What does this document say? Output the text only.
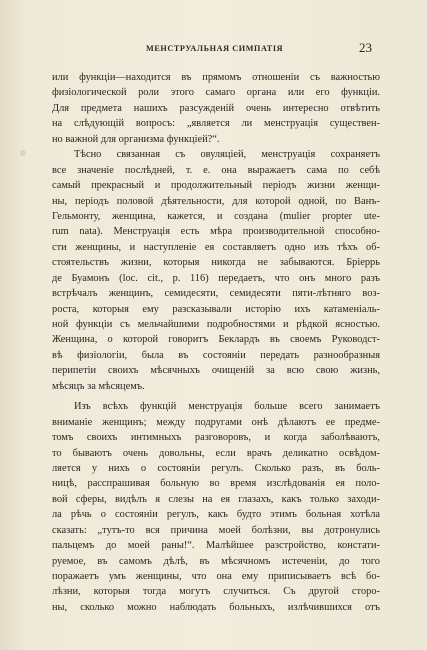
МЕНСТРУАЛЬНАЯ СИМПАТІЯ	23
или функціи—находится въ прямомъ отношеніи съ важностью
физіологической роли этого самаго органа или его функціи.
Для предмета нашихъ разсужденій очень интересно отвѣтить
на слѣдующій вопросъ: „является ли менструація существен-
но важной для организма функціей?“.
Тѣсно связанная съ овуляціей, менструація сохраняетъ
все значеніе послѣдней, т. е. она выражаетъ сама по себѣ
самый прекрасный и продолжительный періодъ жизни женщи-
ны, періодъ половой дѣятельности, для которой одной, по Ванъ-
Гельмонту, женщина, кажется, и создана (mulier propter ute-
rum nata). Менструація есть мѣра производительной способно-
сти женщины, и наступленіе ея составляетъ одно изъ тѣхъ об-
стоятельствъ жизни, которыя никогда не забываются. Бріеррь
де Буамонъ (loc. cit., p. 116) передаетъ, что онъ много разъ
встрѣчалъ женщинъ, семидесяти, семидесяти пяти-лѣтняго воз-
роста, которыя ему разсказывали исторію ихъ катаменіаль-
ной функціи съ мельчайшими подробностями и рѣдкой ясностью.
Женщина, о которой говоритъ Беклардъ въ своемъ Руководст-
вѣ физіологіи, была въ состояніи передать разнообразныя
перипетіи своихъ мѣсячныхъ очищеній за всю свою жизнь,
мѣсяцъ за мѣсяцемъ.
Изъ всѣхъ функцій менструація больше всего занимаетъ
вниманіе женщинъ; между подругами онѣ дѣлаютъ ее предме-
томъ своихъ интимныхъ разговоровъ, и когда заболѣваютъ,
то бываютъ очень довольны, если врачъ деликатно освѣдом-
ляется у нихъ о состояніи регулъ. Сколько разъ, въ боль-
ницѣ, расспрашивая больную во время изслѣдованія ея поло-
вой сферы, видѣлъ я слезы на ея глазахъ, какъ только заходи-
ла рѣчь о состояніи регулъ, какъ будто этимъ больная хотѣла
сказать: „тутъ-то вся причина моей болѣзни, вы дотронулись
пальцемъ до моей раны!“. Малѣйшее разстройство, констати-
руемое, въ самомъ дѣлѣ, въ мѣсячномъ истеченіи, до того
поражаетъ умъ женщины, что она ему приписываетъ всѣ бо-
лѣзни, которыя тогда могутъ случиться. Съ другой сторо-
ны, сколько можно наблюдать больныхъ, излѣчившихся отъ
